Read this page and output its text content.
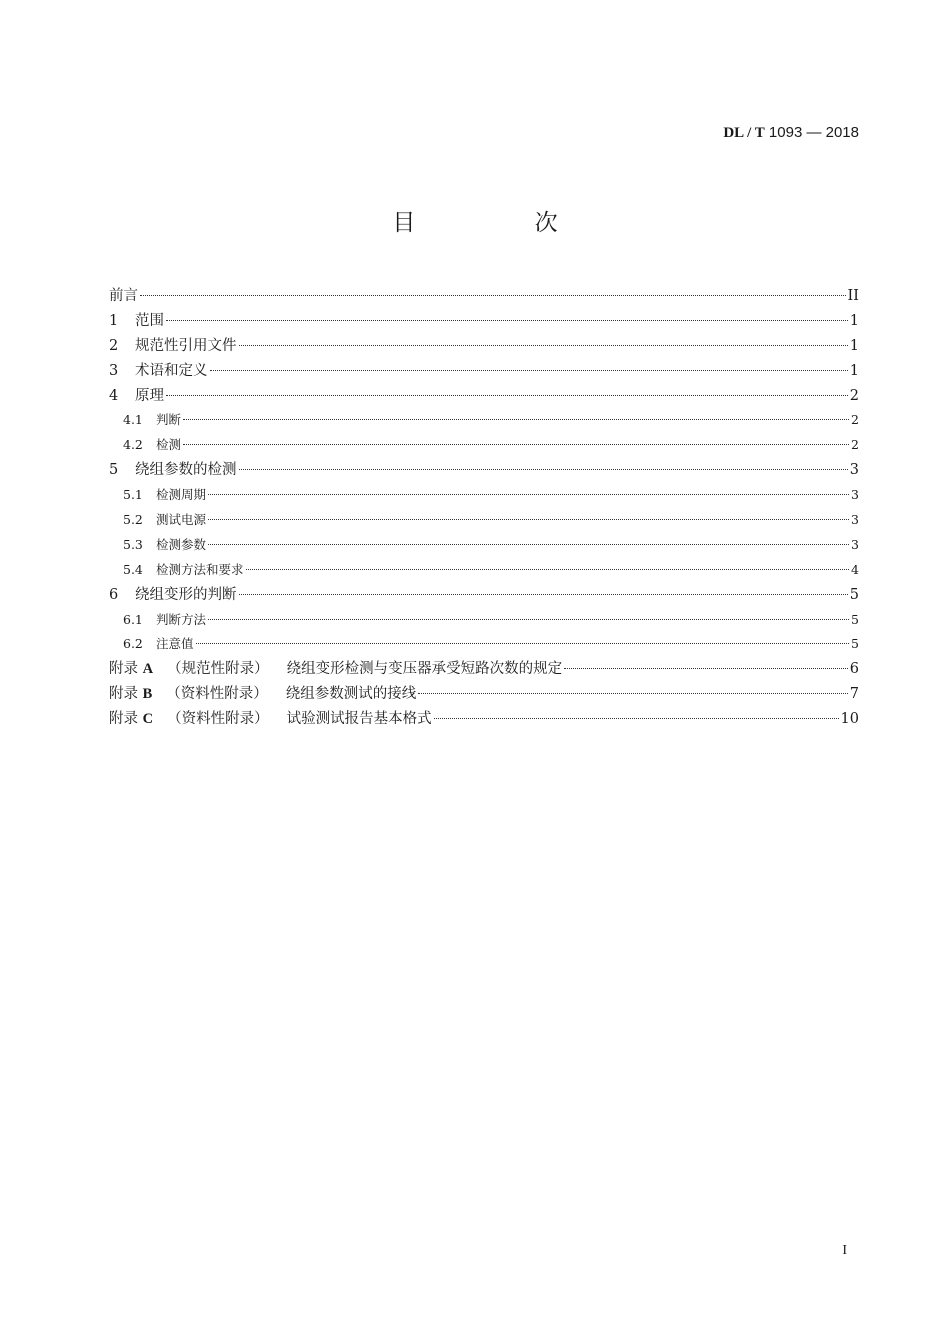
DL / T 1093 — 2018
目 次
前言	II
1	范围	1
2	规范性引用文件	1
3	术语和定义	1
4	原理	2
4.1	判断	2
4.2	检测	2
5	绕组参数的检测	3
5.1	检测周期	3
5.2	测试电源	3
5.3	检测参数	3
5.4	检测方法和要求	4
6	绕组变形的判断	5
6.1	判断方法	5
6.2	注意值	5
附录 A （规范性附录） 绕组变形检测与变压器承受短路次数的规定	6
附录 B （资料性附录） 绕组参数测试的接线	7
附录 C （资料性附录） 试验测试报告基本格式	10
I
